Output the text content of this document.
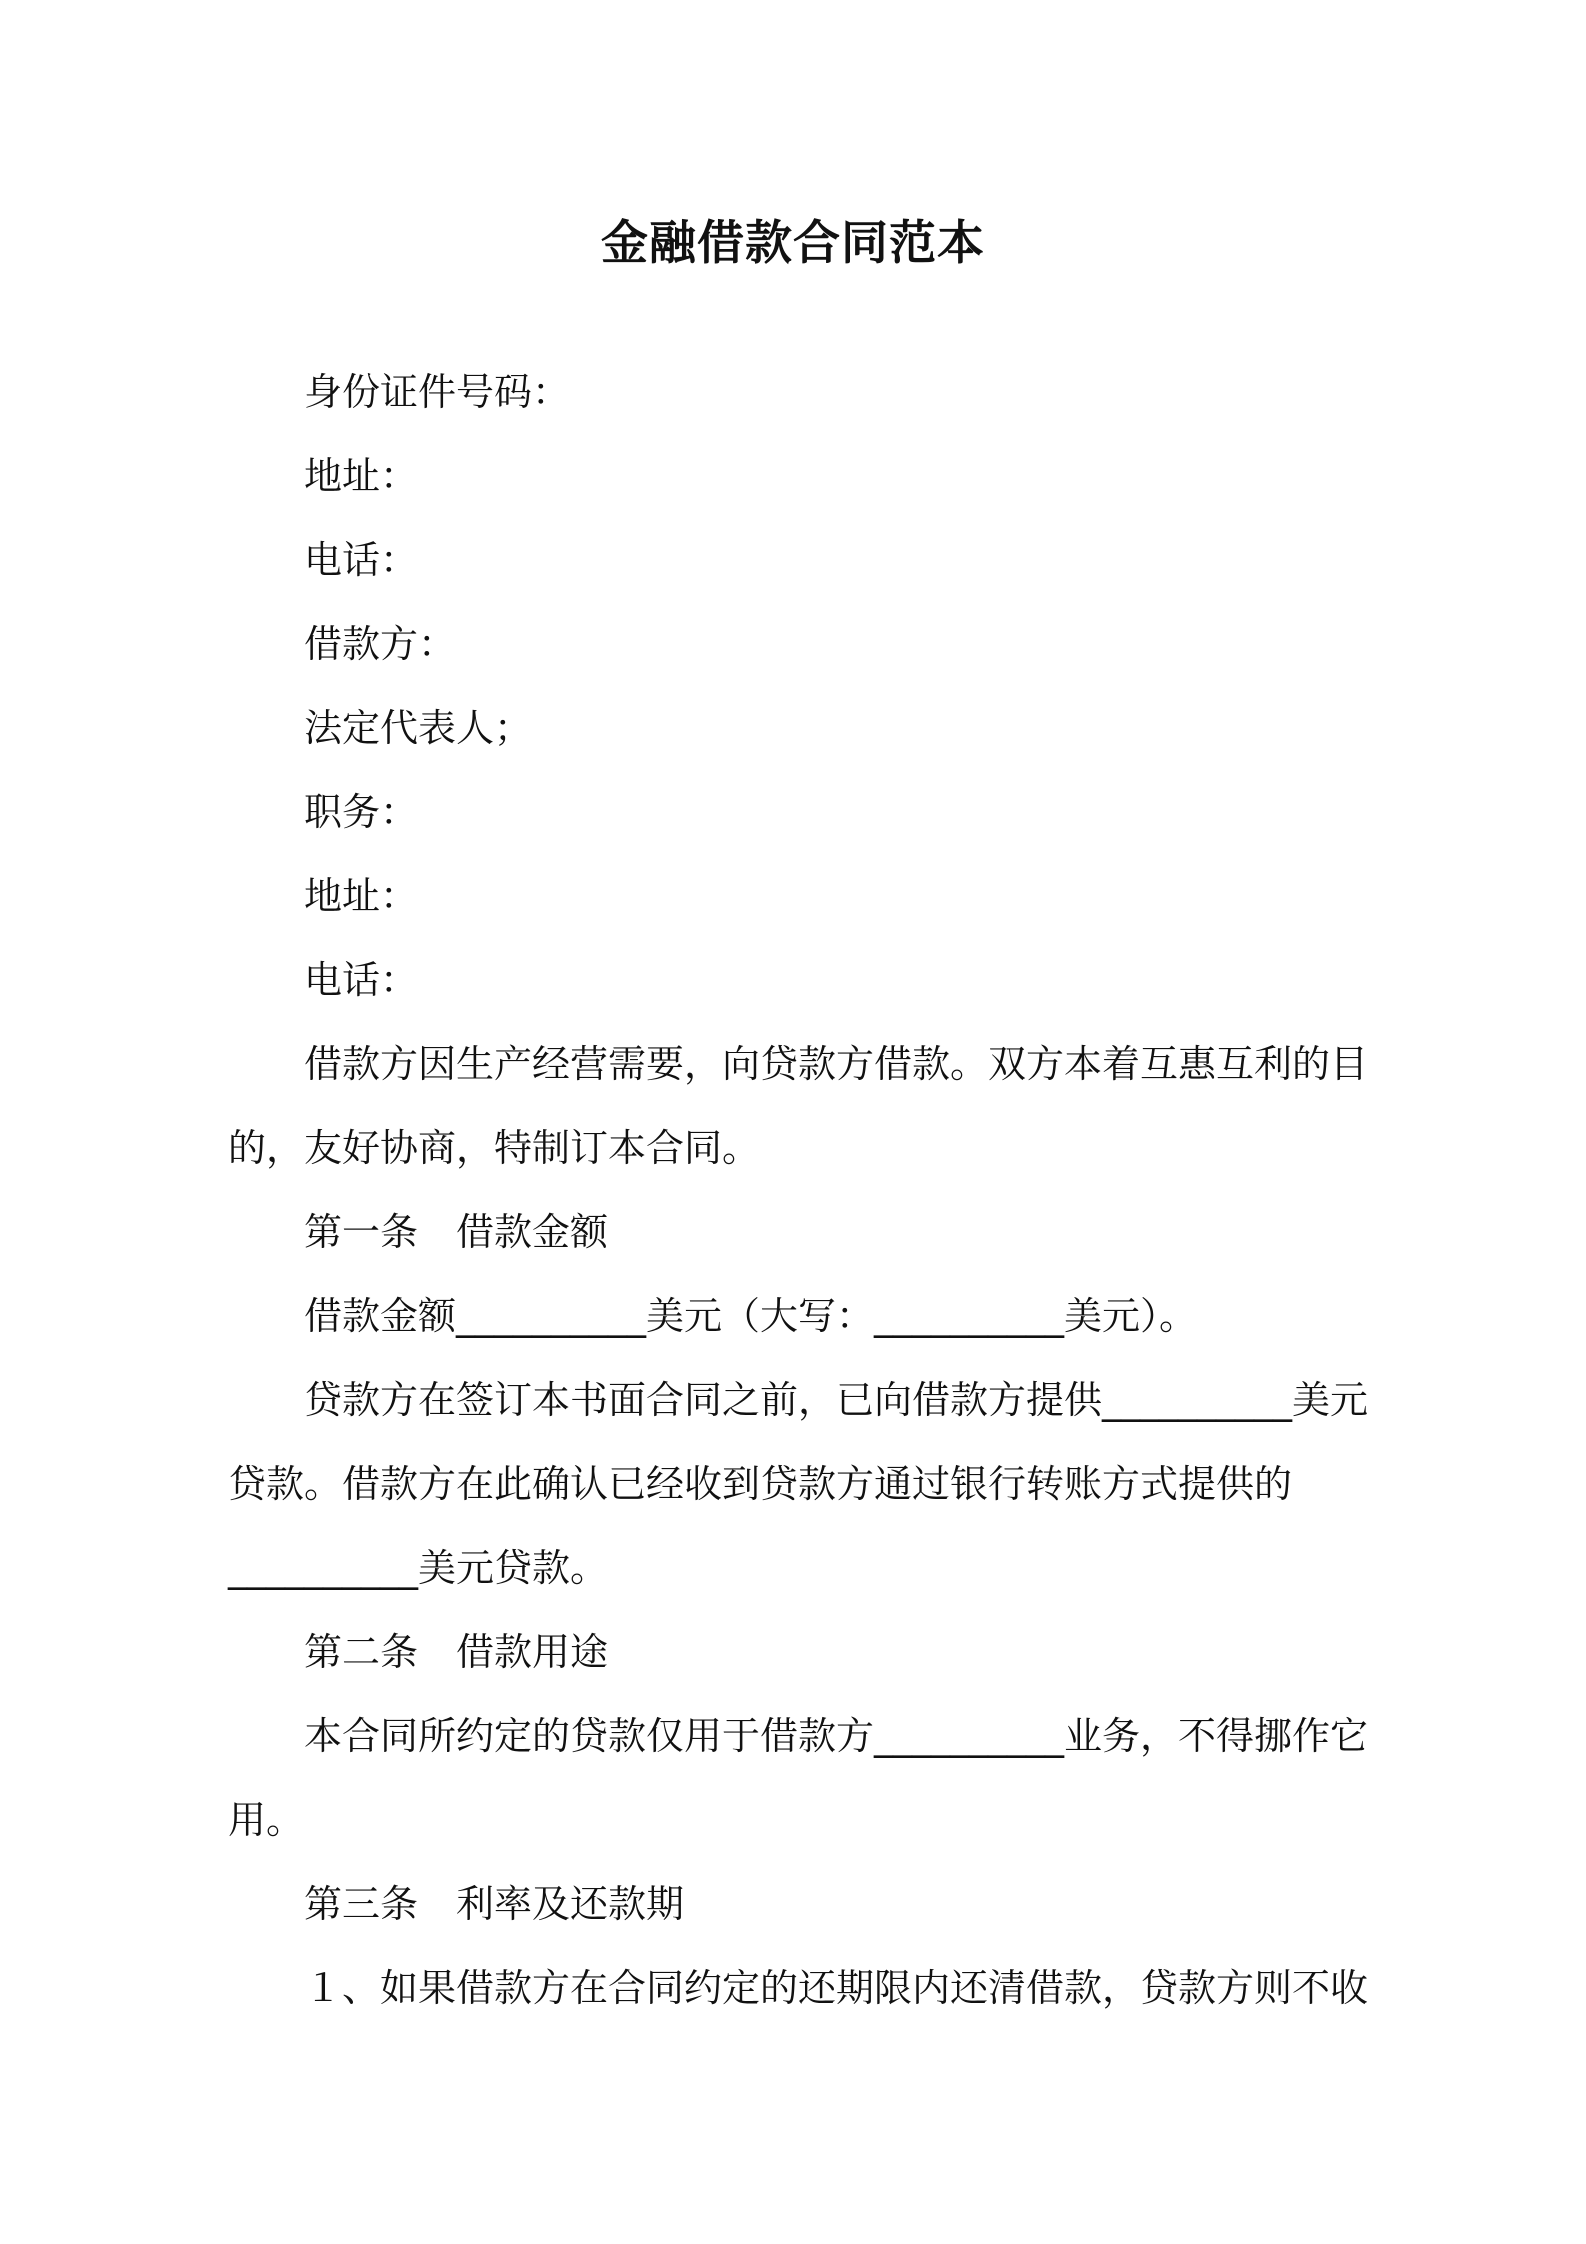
金融借款合同范本

身份证件号码：

地址：

电话：

借款方：

法定代表人；

职务：

地址：

电话：

借款方因生产经营需要，向贷款方借款。双方本着互惠互利的目
的，友好协商，特制订本合同。

第一条　借款金额

借款金额__________美元（大写：__________美元）。

贷款方在签订本书面合同之前，已向借款方提供__________美元
贷款。借款方在此确认已经收到贷款方通过银行转账方式提供的
__________美元贷款。

第二条　借款用途

本合同所约定的贷款仅用于借款方__________业务，不得挪作它
用。

第三条　利率及还款期

１、如果借款方在合同约定的还期限内还清借款，贷款方则不收
